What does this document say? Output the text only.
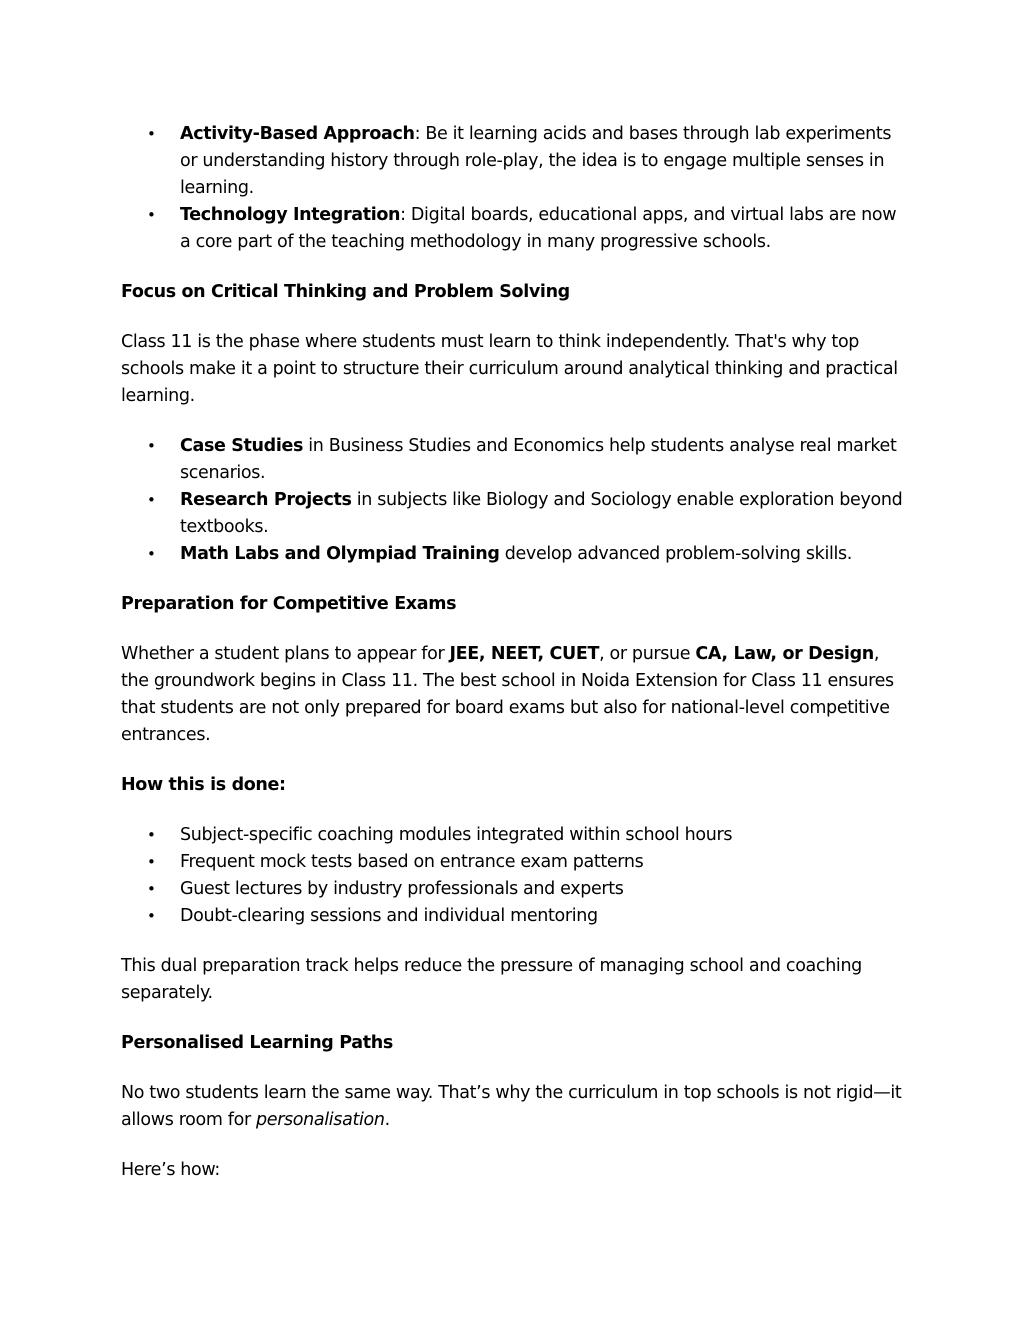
• Activity-Based Approach: Be it learning acids and bases through lab experiments or understanding history through role-play, the idea is to engage multiple senses in learning.
• Technology Integration: Digital boards, educational apps, and virtual labs are now a core part of the teaching methodology in many progressive schools.

Focus on Critical Thinking and Problem Solving

Class 11 is the phase where students must learn to think independently. That's why top schools make it a point to structure their curriculum around analytical thinking and practical learning.

• Case Studies in Business Studies and Economics help students analyse real market scenarios.
• Research Projects in subjects like Biology and Sociology enable exploration beyond textbooks.
• Math Labs and Olympiad Training develop advanced problem-solving skills.

Preparation for Competitive Exams

Whether a student plans to appear for JEE, NEET, CUET, or pursue CA, Law, or Design, the groundwork begins in Class 11. The best school in Noida Extension for Class 11 ensures that students are not only prepared for board exams but also for national-level competitive entrances.

How this is done:

• Subject-specific coaching modules integrated within school hours
• Frequent mock tests based on entrance exam patterns
• Guest lectures by industry professionals and experts
• Doubt-clearing sessions and individual mentoring

This dual preparation track helps reduce the pressure of managing school and coaching separately.

Personalised Learning Paths

No two students learn the same way. That’s why the curriculum in top schools is not rigid—it allows room for personalisation.

Here’s how:
